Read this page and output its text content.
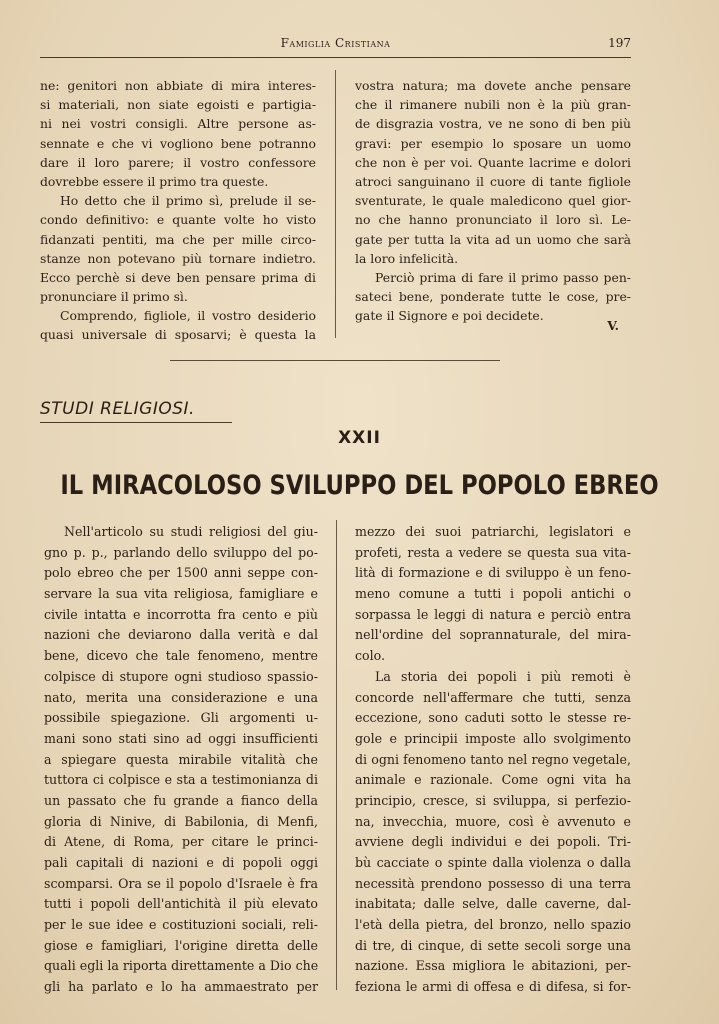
Famiglia Cristiana	197
ne: genitori non abbiate di mira interes-
si materiali, non siate egoisti e partigia-
ni nei vostri consigli. Altre persone as-
sennate e che vi vogliono bene potranno
dare il loro parere; il vostro confessore
dovrebbe essere il primo tra queste.
Ho detto che il primo sì, prelude il se-
condo definitivo: e quante volte ho visto
fidanzati pentiti, ma che per mille circo-
stanze non potevano più tornare indietro.
Ecco perchè si deve ben pensare prima di
pronunciare il primo sì.
Comprendo, figliole, il vostro desiderio
quasi universale di sposarvi; è questa la
vostra natura; ma dovete anche pensare
che il rimanere nubili non è la più gran-
de disgrazia vostra, ve ne sono di ben più
gravi: per esempio lo sposare un uomo
che non è per voi. Quante lacrime e dolori
atroci sanguinano il cuore di tante figliole
sventurate, le quale maledicono quel gior-
no che hanno pronunciato il loro sì. Le-
gate per tutta la vita ad un uomo che sarà
la loro infelicità.
Perciò prima di fare il primo passo pen-
sateci bene, ponderate tutte le cose, pre-
gate il Signore e poi decidete.
V.
STUDI RELIGIOSI.
XXII
IL MIRACOLOSO SVILUPPO DEL POPOLO EBREO
Nell'articolo su studi religiosi del giu-
gno p. p., parlando dello sviluppo del po-
polo ebreo che per 1500 anni seppe con-
servare la sua vita religiosa, famigliare e
civile intatta e incorrotta fra cento e più
nazioni che deviarono dalla verità e dal
bene, dicevo che tale fenomeno, mentre
colpisce di stupore ogni studioso spassio-
nato, merita una considerazione e una
possibile spiegazione. Gli argomenti u-
mani sono stati sino ad oggi insufficienti
a spiegare questa mirabile vitalità che
tuttora ci colpisce e sta a testimonianza di
un passato che fu grande a fianco della
gloria di Ninive, di Babilonia, di Menfi,
di Atene, di Roma, per citare le princi-
pali capitali di nazioni e di popoli oggi
scomparsi. Ora se il popolo d'Israele è fra
tutti i popoli dell'antichità il più elevato
per le sue idee e costituzioni sociali, reli-
giose e famigliari, l'origine diretta delle
quali egli la riporta direttamente a Dio che
gli ha parlato e lo ha ammaestrato per
mezzo dei suoi patriarchi, legislatori e
profeti, resta a vedere se questa sua vita-
lità di formazione e di sviluppo è un feno-
meno comune a tutti i popoli antichi o
sorpassa le leggi di natura e perciò entra
nell'ordine del soprannaturale, del mira-
colo.
La storia dei popoli i più remoti è
concorde nell'affermare che tutti, senza
eccezione, sono caduti sotto le stesse re-
gole e principii imposte allo svolgimento
di ogni fenomeno tanto nel regno vegetale,
animale e razionale. Come ogni vita ha
principio, cresce, si sviluppa, si perfezio-
na, invecchia, muore, così è avvenuto e
avviene degli individui e dei popoli. Tri-
bù cacciate o spinte dalla violenza o dalla
necessità prendono possesso di una terra
inabitata; dalle selve, dalle caverne, dal-
l'età della pietra, del bronzo, nello spazio
di tre, di cinque, di sette secoli sorge una
nazione. Essa migliora le abitazioni, per-
feziona le armi di offesa e di difesa, si for-
